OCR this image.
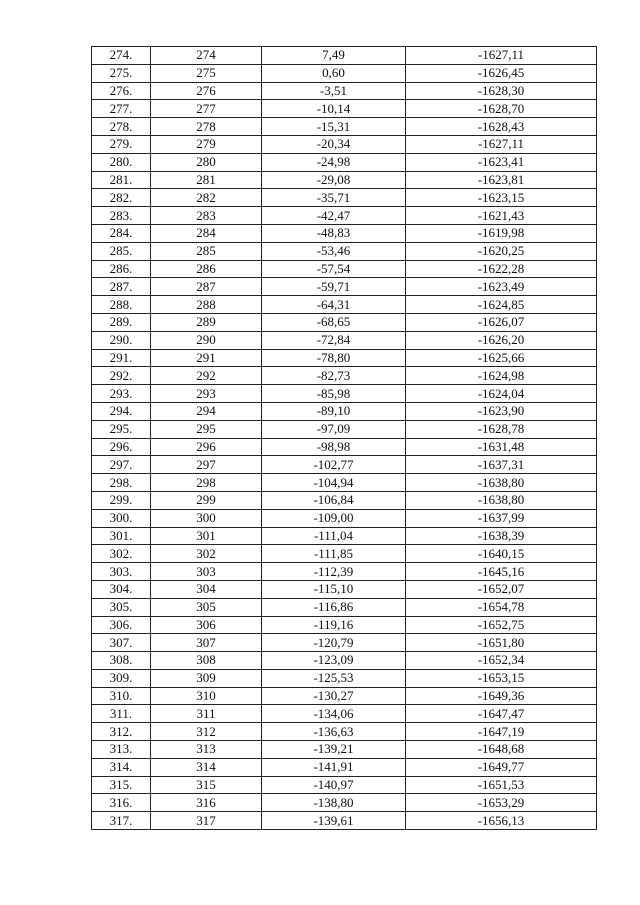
274.	274	7,49	-1627,11
275.	275	0,60	-1626,45
276.	276	-3,51	-1628,30
277.	277	-10,14	-1628,70
278.	278	-15,31	-1628,43
279.	279	-20,34	-1627,11
280.	280	-24,98	-1623,41
281.	281	-29,08	-1623,81
282.	282	-35,71	-1623,15
283.	283	-42,47	-1621,43
284.	284	-48,83	-1619,98
285.	285	-53,46	-1620,25
286.	286	-57,54	-1622,28
287.	287	-59,71	-1623,49
288.	288	-64,31	-1624,85
289.	289	-68,65	-1626,07
290.	290	-72,84	-1626,20
291.	291	-78,80	-1625,66
292.	292	-82,73	-1624,98
293.	293	-85,98	-1624,04
294.	294	-89,10	-1623,90
295.	295	-97,09	-1628,78
296.	296	-98,98	-1631,48
297.	297	-102,77	-1637,31
298.	298	-104,94	-1638,80
299.	299	-106,84	-1638,80
300.	300	-109,00	-1637,99
301.	301	-111,04	-1638,39
302.	302	-111,85	-1640,15
303.	303	-112,39	-1645,16
304.	304	-115,10	-1652,07
305.	305	-116,86	-1654,78
306.	306	-119,16	-1652,75
307.	307	-120,79	-1651,80
308.	308	-123,09	-1652,34
309.	309	-125,53	-1653,15
310.	310	-130,27	-1649,36
311.	311	-134,06	-1647,47
312.	312	-136,63	-1647,19
313.	313	-139,21	-1648,68
314.	314	-141,91	-1649,77
315.	315	-140,97	-1651,53
316.	316	-138,80	-1653,29
317.	317	-139,61	-1656,13
